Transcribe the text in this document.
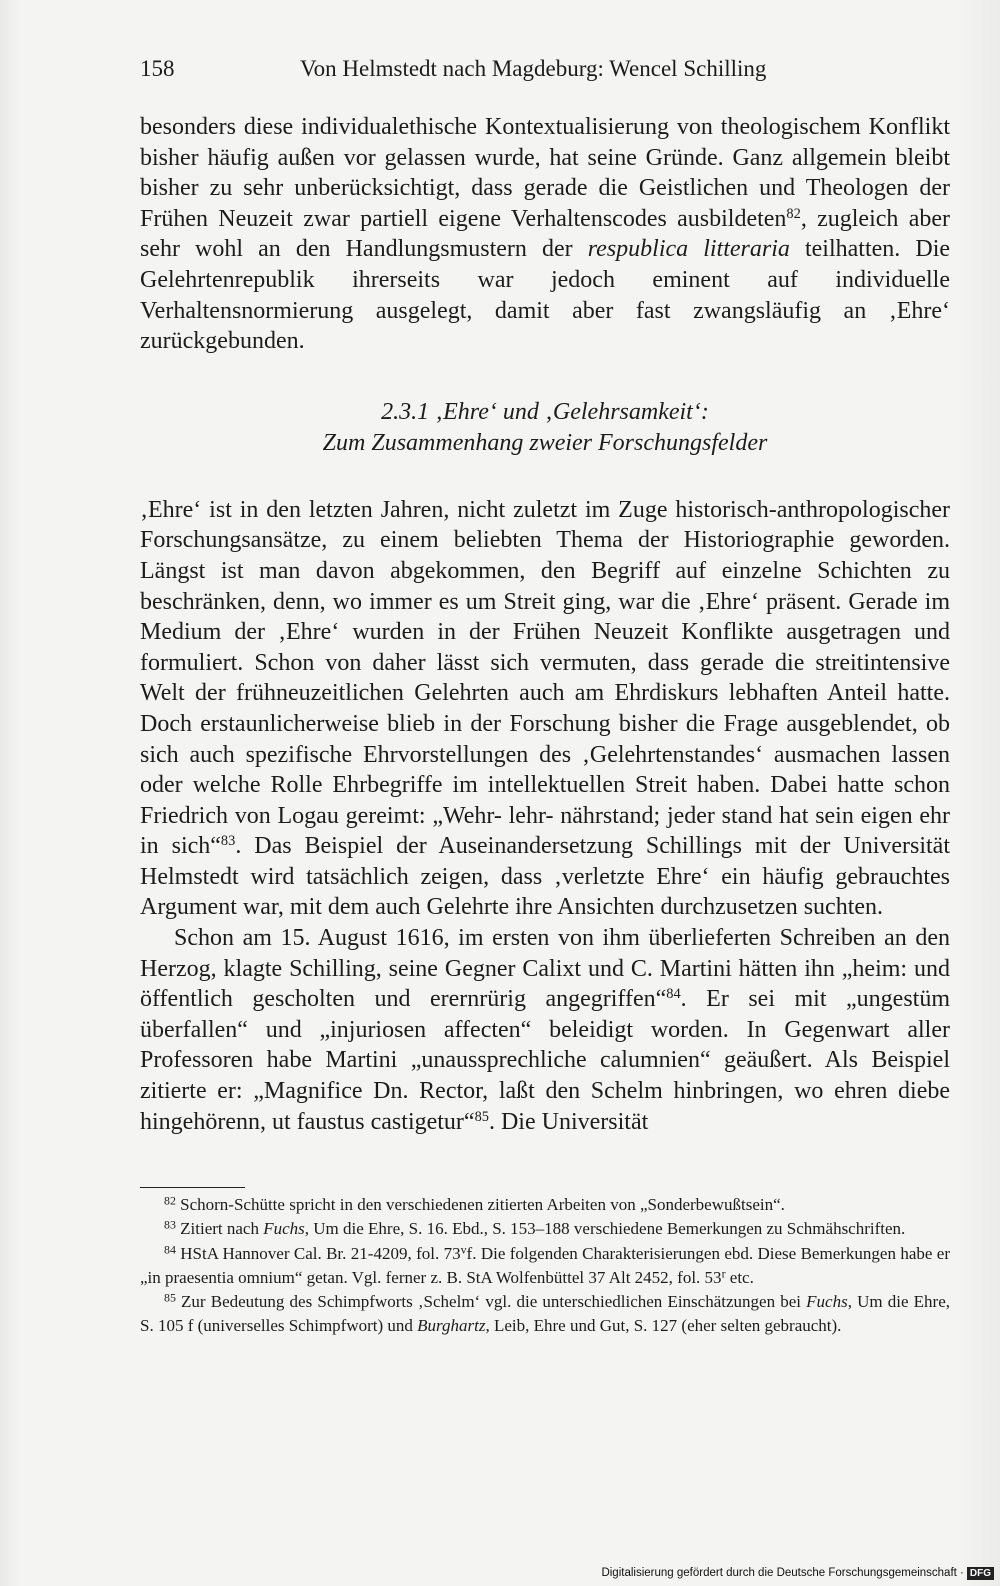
158	Von Helmstedt nach Magdeburg: Wencel Schilling

besonders diese individualethische Kontextualisierung von theologischem Konflikt bisher häufig außen vor gelassen wurde, hat seine Gründe. Ganz allgemein bleibt bisher zu sehr unberücksichtigt, dass gerade die Geistlichen und Theologen der Frühen Neuzeit zwar partiell eigene Verhaltenscodes ausbildeten$^{82}$, zugleich aber sehr wohl an den Handlungsmustern der respublica litteraria teilhatten. Die Gelehrtenrepublik ihrerseits war jedoch eminent auf individuelle Verhaltensnormierung ausgelegt, damit aber fast zwangsläufig an ‚Ehre‘ zurückgebunden.

2.3.1 ‚Ehre‘ und ‚Gelehrsamkeit‘:
Zum Zusammenhang zweier Forschungsfelder

‚Ehre‘ ist in den letzten Jahren, nicht zuletzt im Zuge historisch-anthropologischer Forschungsansätze, zu einem beliebten Thema der Historiographie geworden. Längst ist man davon abgekommen, den Begriff auf einzelne Schichten zu beschränken, denn, wo immer es um Streit ging, war die ‚Ehre‘ präsent. Gerade im Medium der ‚Ehre‘ wurden in der Frühen Neuzeit Konflikte ausgetragen und formuliert. Schon von daher lässt sich vermuten, dass gerade die streitintensive Welt der frühneuzeitlichen Gelehrten auch am Ehrdiskurs lebhaften Anteil hatte. Doch erstaunlicherweise blieb in der Forschung bisher die Frage ausgeblendet, ob sich auch spezifische Ehrvorstellungen des ‚Gelehrtenstandes‘ ausmachen lassen oder welche Rolle Ehrbegriffe im intellektuellen Streit haben. Dabei hatte schon Friedrich von Logau gereimt: „Wehr- lehr- nährstand; jeder stand hat sein eigen ehr in sich“$^{83}$. Das Beispiel der Auseinandersetzung Schillings mit der Universität Helmstedt wird tatsächlich zeigen, dass ‚verletzte Ehre‘ ein häufig gebrauchtes Argument war, mit dem auch Gelehrte ihre Ansichten durchzusetzen suchten.

Schon am 15. August 1616, im ersten von ihm überlieferten Schreiben an den Herzog, klagte Schilling, seine Gegner Calixt und C. Martini hätten ihn „heim: und öffentlich gescholten und erernrürig angegriffen“$^{84}$. Er sei mit „ungestüm überfallen“ und „injuriosen affecten“ beleidigt worden. In Gegenwart aller Professoren habe Martini „unaussprechliche calumnien“ geäußert. Als Beispiel zitierte er: „Magnifice Dn. Rector, laßt den Schelm hinbringen, wo ehren diebe hingehörenn, ut faustus castigetur“$^{85}$. Die Universität

$^{82}$ Schorn-Schütte spricht in den verschiedenen zitierten Arbeiten von „Sonderbewußtsein“.

$^{83}$ Zitiert nach Fuchs, Um die Ehre, S. 16. Ebd., S. 153–188 verschiedene Bemerkungen zu Schmähschriften.

$^{84}$ HStA Hannover Cal. Br. 21-4209, fol. 73$^v$f. Die folgenden Charakterisierungen ebd. Diese Bemerkungen habe er „in praesentia omnium“ getan. Vgl. ferner z. B. StA Wolfenbüttel 37 Alt 2452, fol. 53$^r$ etc.

$^{85}$ Zur Bedeutung des Schimpfworts ‚Schelm‘ vgl. die unterschiedlichen Einschätzungen bei Fuchs, Um die Ehre, S. 105 f (universelles Schimpfwort) und Burghartz, Leib, Ehre und Gut, S. 127 (eher selten gebraucht).

Digitalisierung gefördert durch die Deutsche Forschungsgemeinschaft · DFG
